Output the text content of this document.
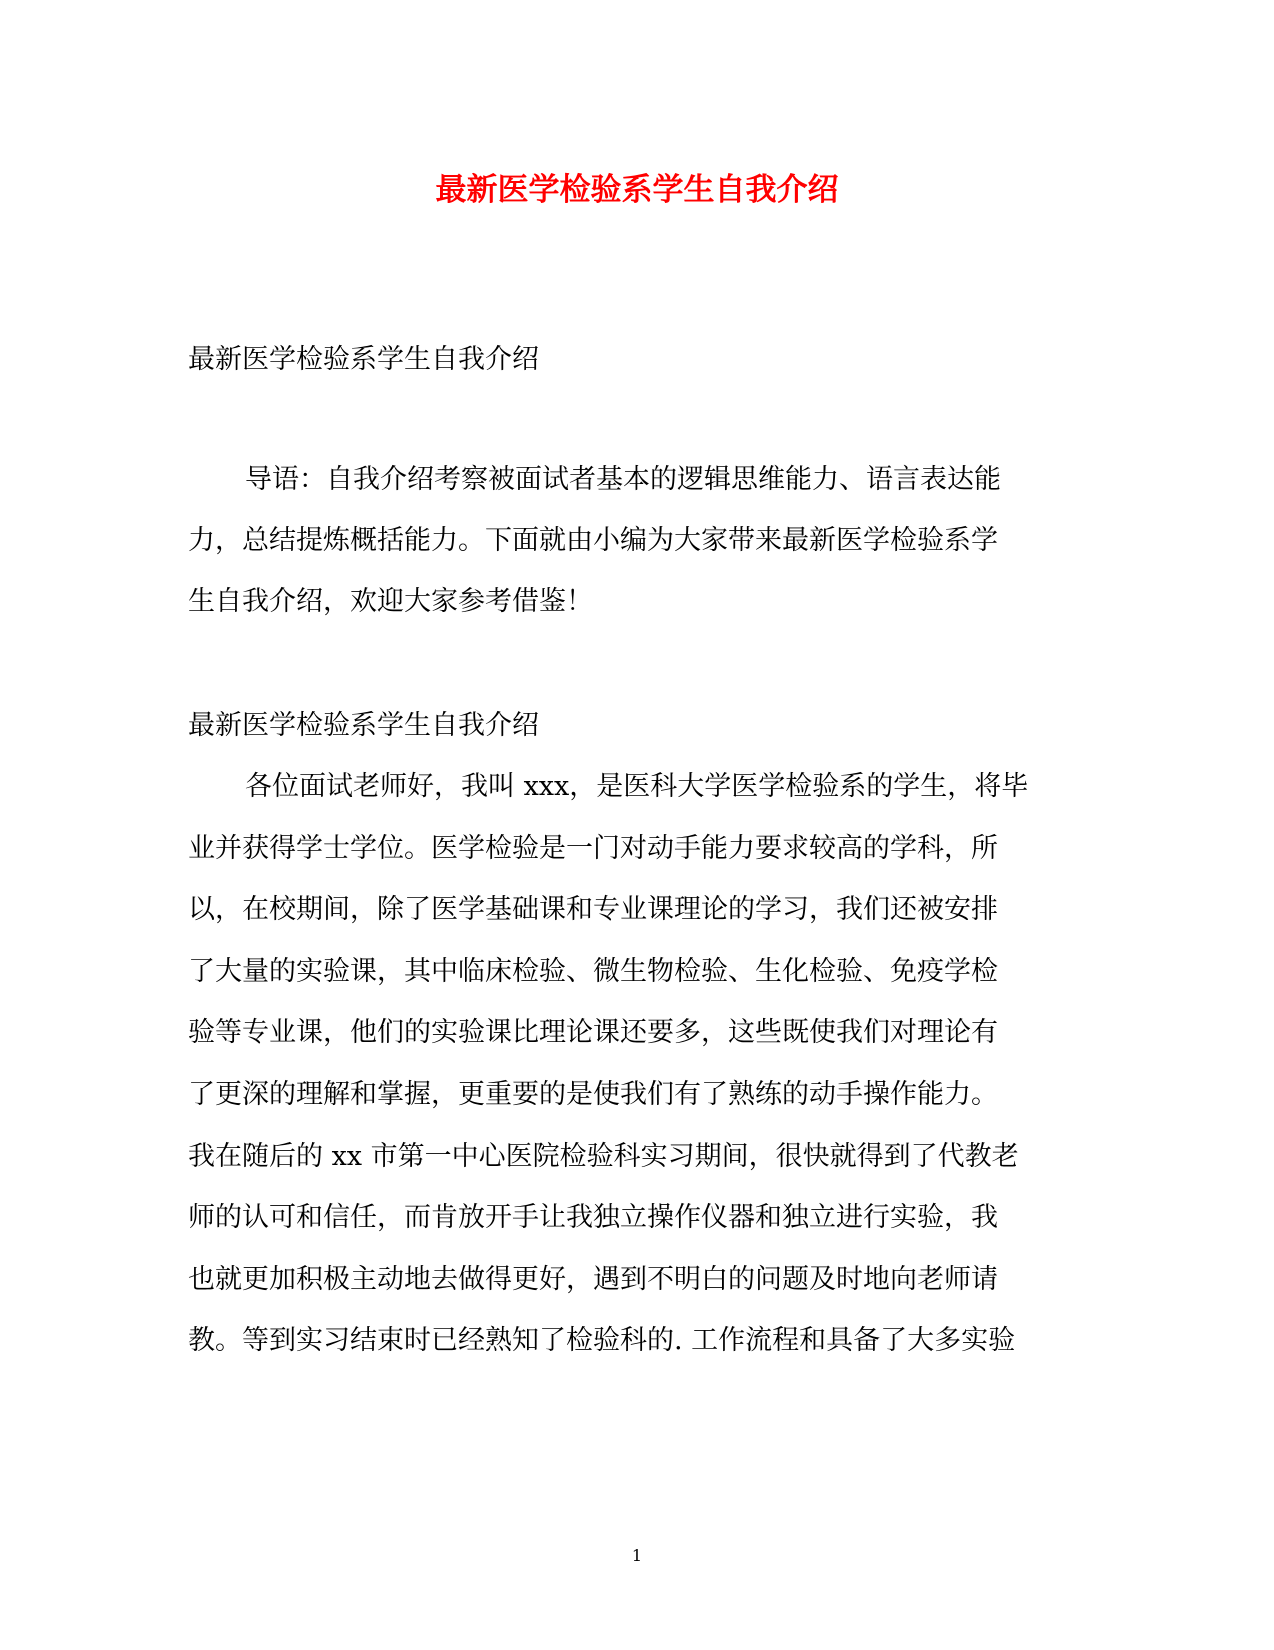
最新医学检验系学生自我介绍
最新医学检验系学生自我介绍
导语：自我介绍考察被面试者基本的逻辑思维能力、语言表达能
力，总结提炼概括能力。下面就由小编为大家带来最新医学检验系学
生自我介绍，欢迎大家参考借鉴！
最新医学检验系学生自我介绍
各位面试老师好，我叫 xxx，是医科大学医学检验系的学生，将毕
业并获得学士学位。医学检验是一门对动手能力要求较高的学科，所
以，在校期间，除了医学基础课和专业课理论的学习，我们还被安排
了大量的实验课，其中临床检验、微生物检验、生化检验、免疫学检
验等专业课，他们的实验课比理论课还要多，这些既使我们对理论有
了更深的理解和掌握，更重要的是使我们有了熟练的动手操作能力。
我在随后的 xx 市第一中心医院检验科实习期间，很快就得到了代教老
师的认可和信任，而肯放开手让我独立操作仪器和独立进行实验，我
也就更加积极主动地去做得更好，遇到不明白的问题及时地向老师请
教。等到实习结束时已经熟知了检验科的. 工作流程和具备了大多实验
1
